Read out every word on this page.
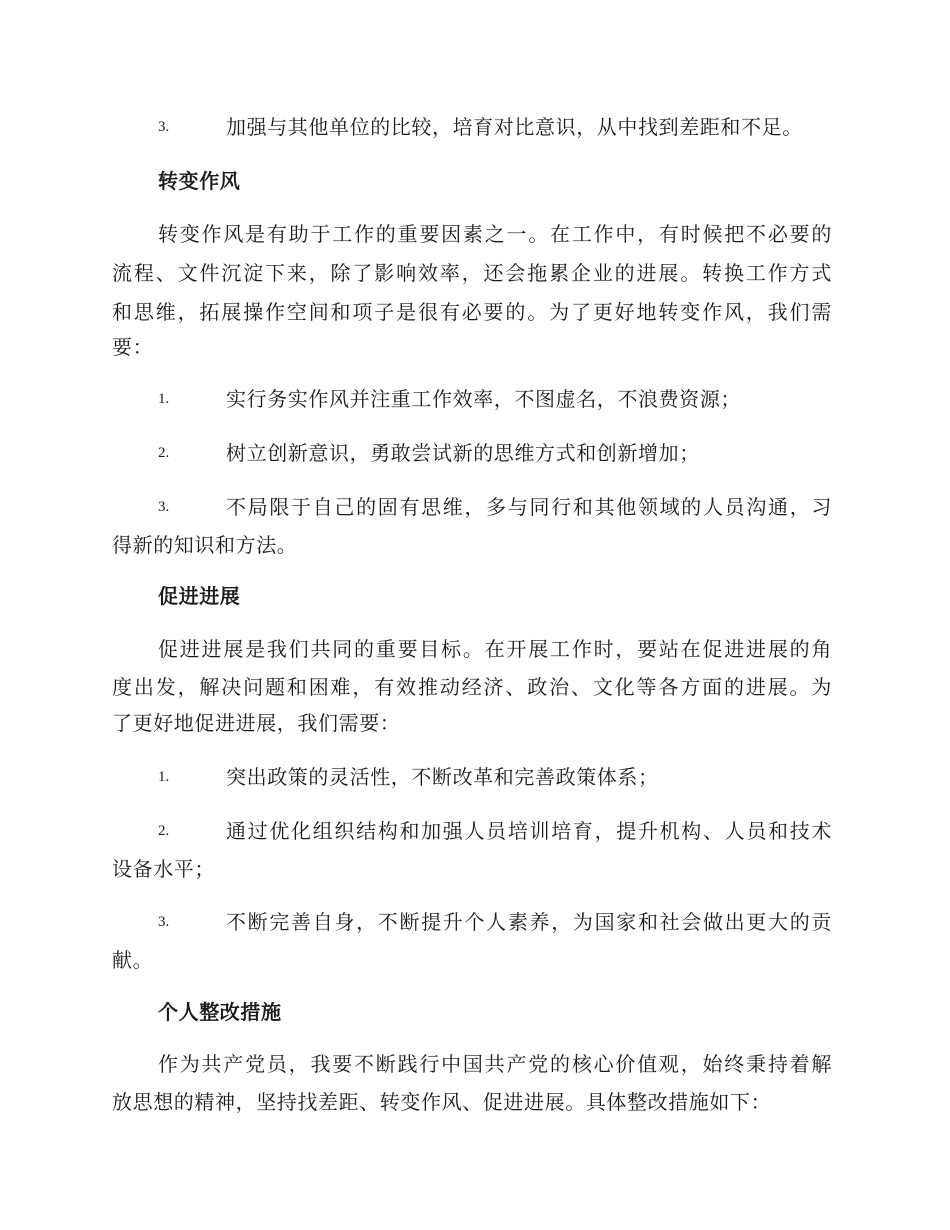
3.	加强与其他单位的比较，培育对比意识，从中找到差距和不足。
转变作风
转变作风是有助于工作的重要因素之一。在工作中，有时候把不必要的
流程、文件沉淀下来，除了影响效率，还会拖累企业的进展。转换工作方式
和思维，拓展操作空间和项子是很有必要的。为了更好地转变作风，我们需
要：
1.	实行务实作风并注重工作效率，不图虚名，不浪费资源；
2.	树立创新意识，勇敢尝试新的思维方式和创新增加；
3.	不局限于自己的固有思维，多与同行和其他领域的人员沟通，习
得新的知识和方法。
促进进展
促进进展是我们共同的重要目标。在开展工作时，要站在促进进展的角
度出发，解决问题和困难，有效推动经济、政治、文化等各方面的进展。为
了更好地促进进展，我们需要：
1.	突出政策的灵活性，不断改革和完善政策体系；
2.	通过优化组织结构和加强人员培训培育，提升机构、人员和技术
设备水平；
3.	不断完善自身，不断提升个人素养，为国家和社会做出更大的贡
献。
个人整改措施
作为共产党员，我要不断践行中国共产党的核心价值观，始终秉持着解
放思想的精神，坚持找差距、转变作风、促进进展。具体整改措施如下：
